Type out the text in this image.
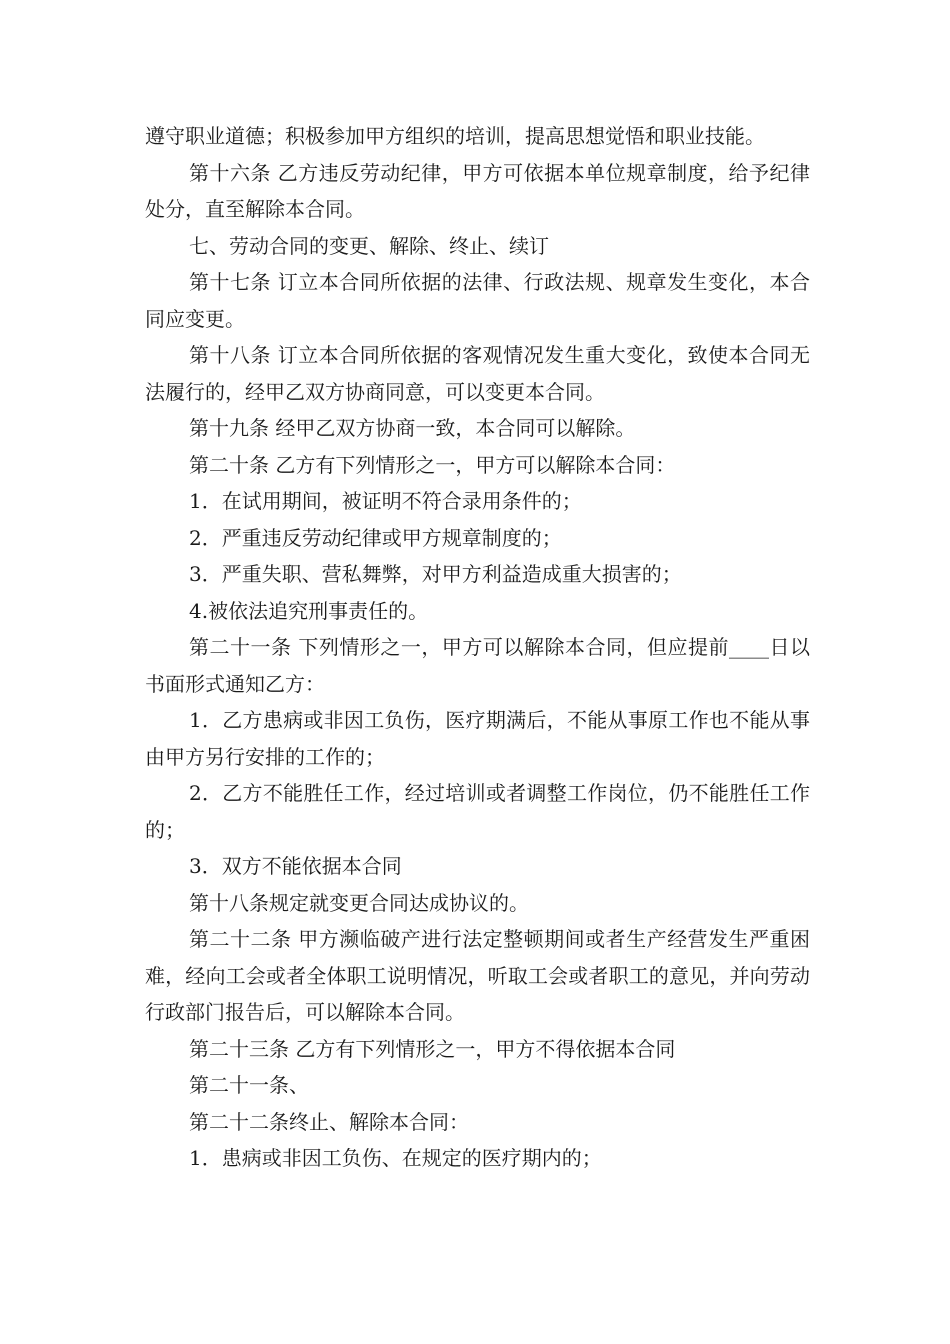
遵守职业道德；积极参加甲方组织的培训，提高思想觉悟和职业技能。

第十六条 乙方违反劳动纪律，甲方可依据本单位规章制度，给予纪律处分，直至解除本合同。

七、劳动合同的变更、解除、终止、续订

第十七条 订立本合同所依据的法律、行政法规、规章发生变化，本合同应变更。

第十八条 订立本合同所依据的客观情况发生重大变化，致使本合同无法履行的，经甲乙双方协商同意，可以变更本合同。

第十九条 经甲乙双方协商一致，本合同可以解除。

第二十条 乙方有下列情形之一，甲方可以解除本合同：

1．在试用期间，被证明不符合录用条件的；

2．严重违反劳动纪律或甲方规章制度的；

3．严重失职、营私舞弊，对甲方利益造成重大损害的；

4.被依法追究刑事责任的。

第二十一条 下列情形之一，甲方可以解除本合同，但应提前____日以书面形式通知乙方：

1．乙方患病或非因工负伤，医疗期满后，不能从事原工作也不能从事由甲方另行安排的工作的；

2．乙方不能胜任工作，经过培训或者调整工作岗位，仍不能胜任工作的；

3．双方不能依据本合同

第十八条规定就变更合同达成协议的。

第二十二条 甲方濒临破产进行法定整顿期间或者生产经营发生严重困难，经向工会或者全体职工说明情况，听取工会或者职工的意见，并向劳动行政部门报告后，可以解除本合同。

第二十三条 乙方有下列情形之一，甲方不得依据本合同

第二十一条、

第二十二条终止、解除本合同：

1．患病或非因工负伤、在规定的医疗期内的；
